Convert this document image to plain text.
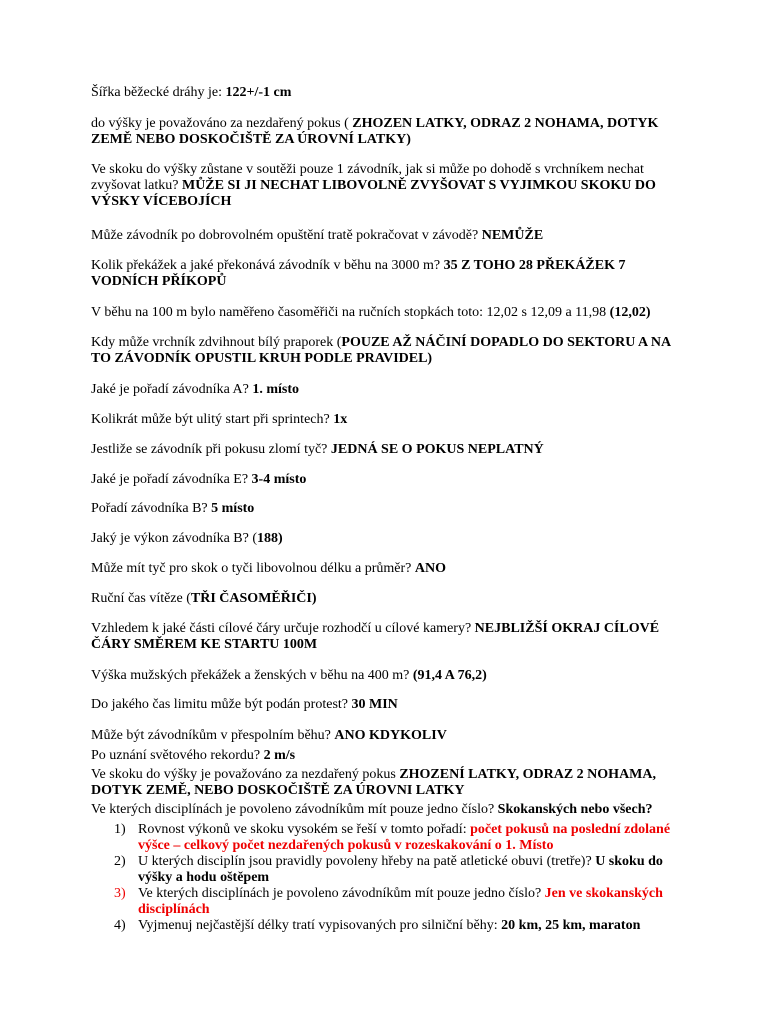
Šířka běžecké dráhy je: 122+/-1 cm

do výšky je považováno za nezdařený pokus ( ZHOZEN LATKY, ODRAZ 2 NOHAMA, DOTYK ZEMĚ NEBO DOSKOČIŠTĚ ZA ÚROVNÍ LATKY)

Ve skoku do výšky zůstane v soutěži pouze 1 závodník, jak si může po dohodě s vrchníkem nechat zvyšovat latku? MŮŽE SI JI NECHAT LIBOVOLNĚ ZVYŠOVAT S VYJIMKOU SKOKU DO VÝSKY VÍCEBOJÍCH

Může závodník po dobrovolném opuštění tratě pokračovat v závodě? NEMŮŽE

Kolik překážek a jaké překonává závodník v běhu na 3000 m? 35 Z TOHO 28 PŘEKÁŽEK 7 VODNÍCH PŘÍKOPŮ

V běhu na 100 m bylo naměřeno časoměřiči na ručních stopkách toto: 12,02 s 12,09 a 11,98 (12,02)

Kdy může vrchník zdvihnout bílý praporek (POUZE AŽ NÁČINÍ DOPADLO DO SEKTORU A NA TO ZÁVODNÍK OPUSTIL KRUH PODLE PRAVIDEL)

Jaké je pořadí závodníka A? 1. místo

Kolikrát může být ulitý start při sprintech? 1x

Jestliže se závodník při pokusu zlomí tyč? JEDNÁ SE O POKUS NEPLATNÝ

Jaké je pořadí závodníka E? 3-4 místo

Pořadí závodníka B? 5 místo

Jaký je výkon závodníka B? (188)

Může mít tyč pro skok o tyči libovolnou délku a průměr? ANO

Ruční čas vítěze (TŘI ČASOMĚŘIČI)

Vzhledem k jaké části cílové čáry určuje rozhodčí u cílové kamery? NEJBLIŽŠÍ OKRAJ CÍLOVÉ ČÁRY SMĚREM KE STARTU 100M

Výška mužských překážek a ženských v běhu na 400 m? (91,4 A 76,2)

Do jakého čas limitu může být podán protest? 30 MIN

Může být závodníkům v přespolním běhu? ANO KDYKOLIV

Po uznání světového rekordu? 2 m/s

Ve skoku do výšky je považováno za nezdařený pokus ZHOZENÍ LATKY, ODRAZ 2 NOHAMA, DOTYK ZEMĚ, NEBO DOSKOČIŠTĚ ZA ÚROVNI LATKY

Ve kterých disciplínách je povoleno závodníkům mít pouze jedno číslo? Skokanských nebo všech?

1) Rovnost výkonů ve skoku vysokém se řeší v tomto pořadí: počet pokusů na poslední zdolané výšce – celkový počet nezdařených pokusů v rozeskakování o 1. Místo
2) U kterých disciplín jsou pravidly povoleny hřeby na patě atletické obuvi (tretře)? U skoku do výšky a hodu oštěpem
3) Ve kterých disciplínách je povoleno závodníkům mít pouze jedno číslo? Jen ve skokanských disciplínách
4) Vyjmenuj nejčastější délky tratí vypisovaných pro silniční běhy: 20 km, 25 km, maraton
